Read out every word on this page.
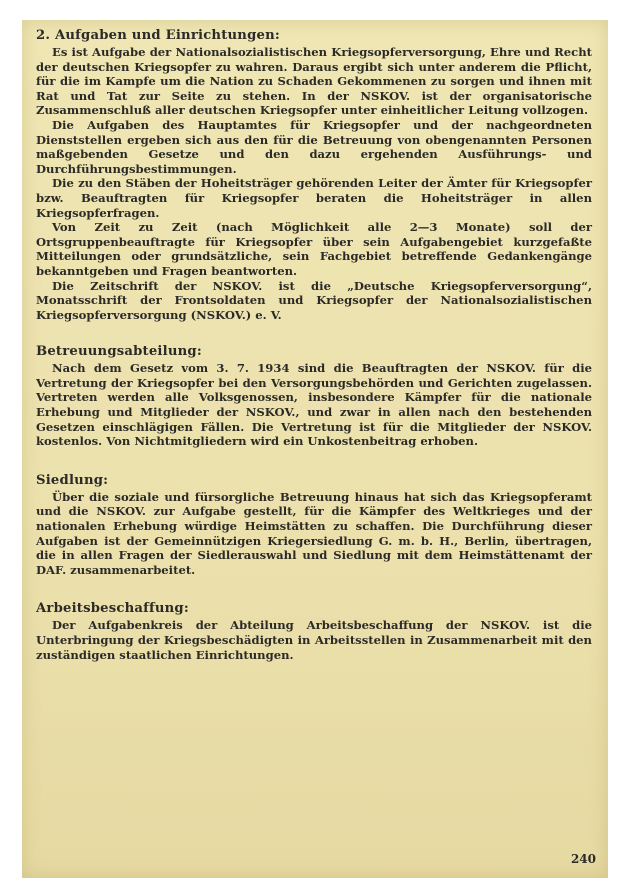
2. Aufgaben und Einrichtungen:

Es ist Aufgabe der Nationalsozialistischen Kriegsopferversorgung, Ehre und Recht der deutschen Kriegsopfer zu wahren. Daraus ergibt sich unter anderem die Pflicht, für die im Kampfe um die Nation zu Schaden Gekommenen zu sorgen und ihnen mit Rat und Tat zur Seite zu stehen. In der NSKOV. ist der organisatorische Zusammenschluß aller deutschen Kriegsopfer unter einheitlicher Leitung vollzogen.

Die Aufgaben des Hauptamtes für Kriegsopfer und der nachgeordneten Dienststellen ergeben sich aus den für die Betreuung von obengenannten Personen maßgebenden Gesetze und den dazu ergehenden Ausführungs- und Durchführungsbestimmungen.

Die zu den Stäben der Hoheitsträger gehörenden Leiter der Ämter für Kriegsopfer bzw. Beauftragten für Kriegsopfer beraten die Hoheitsträger in allen Kriegsopferfragen.

Von Zeit zu Zeit (nach Möglichkeit alle 2—3 Monate) soll der Ortsgruppenbeauftragte für Kriegsopfer über sein Aufgabengebiet kurzgefaßte Mitteilungen oder grundsätzliche, sein Fachgebiet betreffende Gedankengänge bekanntgeben und Fragen beantworten.

Die Zeitschrift der NSKOV. ist die „Deutsche Kriegsopferversorgung“, Monatsschrift der Frontsoldaten und Kriegsopfer der Nationalsozialistischen Kriegsopferversorgung (NSKOV.) e. V.

Betreuungsabteilung:

Nach dem Gesetz vom 3. 7. 1934 sind die Beauftragten der NSKOV. für die Vertretung der Kriegsopfer bei den Versorgungsbehörden und Gerichten zugelassen. Vertreten werden alle Volksgenossen, insbesondere Kämpfer für die nationale Erhebung und Mitglieder der NSKOV., und zwar in allen nach den bestehenden Gesetzen einschlägigen Fällen. Die Vertretung ist für die Mitglieder der NSKOV. kostenlos. Von Nichtmitgliedern wird ein Unkostenbeitrag erhoben.

Siedlung:

Über die soziale und fürsorgliche Betreuung hinaus hat sich das Kriegsopferamt und die NSKOV. zur Aufgabe gestellt, für die Kämpfer des Weltkrieges und der nationalen Erhebung würdige Heimstätten zu schaffen. Die Durchführung dieser Aufgaben ist der Gemeinnützigen Kriegersiedlung G. m. b. H., Berlin, übertragen, die in allen Fragen der Siedlerauswahl und Siedlung mit dem Heimstättenamt der DAF. zusammenarbeitet.

Arbeitsbeschaffung:

Der Aufgabenkreis der Abteilung Arbeitsbeschaffung der NSKOV. ist die Unterbringung der Kriegsbeschädigten in Arbeitsstellen in Zusammenarbeit mit den zuständigen staatlichen Einrichtungen.

240
